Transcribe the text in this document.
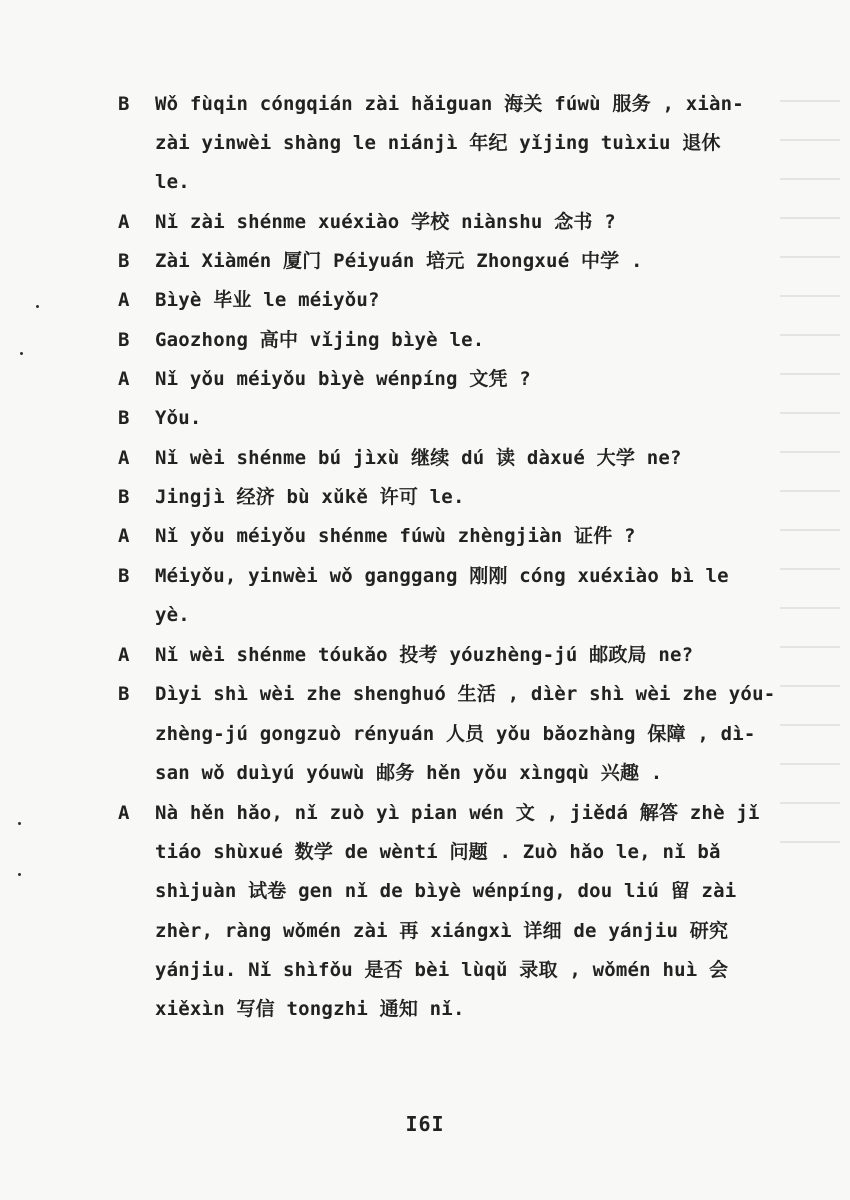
B	Wǒ fùqin cóngqián zài hǎiguan 海关 fúwù 服务 , xiàn-
zài yinwèi shàng le niánjì 年纪 yǐjing tuìxiu 退休
le.
A	Nǐ zài shénme xuéxiào 学校 niànshu 念书 ?
B	Zài Xiàmén 厦门 Péiyuán 培元 Zhongxué 中学 .
A	Bìyè 毕业 le méiyǒu?
B	Gaozhong 高中 vǐjing bìyè le.
A	Nǐ yǒu méiyǒu bìyè wénpíng 文凭 ?
B	Yǒu.
A	Nǐ wèi shénme bú jìxù 继续 dú 读 dàxué 大学 ne?
B	Jingjì 经济 bù xǔkě 许可 le.
A	Nǐ yǒu méiyǒu shénme fúwù zhèngjiàn 证件 ?
B	Méiyǒu, yinwèi wǒ ganggang 刚刚 cóng xuéxiào bì le
yè.
A	Nǐ wèi shénme tóukǎo 投考 yóuzhèng-jú 邮政局 ne?
B	Dìyi shì wèi zhe shenghuó 生活 , dìèr shì wèi zhe yóu-
zhèng-jú gongzuò rényuán 人员 yǒu bǎozhàng 保障 , dì-
san wǒ duìyú yóuwù 邮务 hěn yǒu xìngqù 兴趣 .
A	Nà hěn hǎo, nǐ zuò yì pian wén 文 , jiědá 解答 zhè jǐ
tiáo shùxué 数学 de wèntí 问题 . Zuò hǎo le, nǐ bǎ
shìjuàn 试卷 gen nǐ de bìyè wénpíng, dou liú 留 zài
zhèr, ràng wǒmén zài 再 xiángxì 详细 de yánjiu 研究
yánjiu. Nǐ shìfǒu 是否 bèi lùqǔ 录取 , wǒmén huì 会
xiěxìn 写信 tongzhi 通知 nǐ.
I6I
